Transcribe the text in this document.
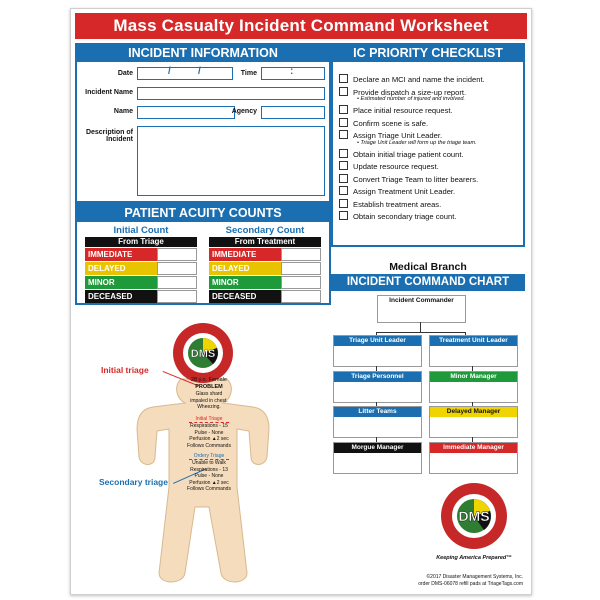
Mass Casualty Incident Command Worksheet
INCIDENT INFORMATION
Date	/	/	Time	:
Incident Name
Name	Agency
Description of Incident
IC PRIORITY CHECKLIST
Declare an MCI and name the incident.
Provide dispatch a size-up report.
• Estimated number of injured and involved.
Place initial resource request.
Confirm scene is safe.
Assign Triage Unit Leader.
• Triage Unit Leader will form up the triage team.
Obtain initial triage patient count.
Update resource request.
Convert Triage Team to litter bearers.
Assign Treatment Unit Leader.
Establish treatment areas.
Obtain secondary triage count.
PATIENT ACUITY COUNTS
Initial Count
From Triage
IMMEDIATE
DELAYED
MINOR
DECEASED
Secondary Count
From Treatment
IMMEDIATE
DELAYED
MINOR
DECEASED
Medical Branch
INCIDENT COMMAND CHART
Incident Commander
Triage Unit Leader
Triage Personnel
Litter Teams
Morgue Manager
Treatment Unit Leader
Minor Manager
Delayed Manager
Immediate Manager
DMS
Initial triage
Secondary triage
28 y.o. Female
PROBLEM
Glass shard
impaled in chest.
Wheezing.
Initial Triage
Respirations - 15
Pulse - None
Perfusion ▲2 sec
Follows Commands
Ordery Triage
Unable to Walk
Respirations - 13
Pulse - None
Perfusion ▲2 sec
Follows Commands
DMS
Keeping America Prepared™
©2017 Disaster Management Systems, Inc.
order DMS-06078 refill pads at TriageTags.com
